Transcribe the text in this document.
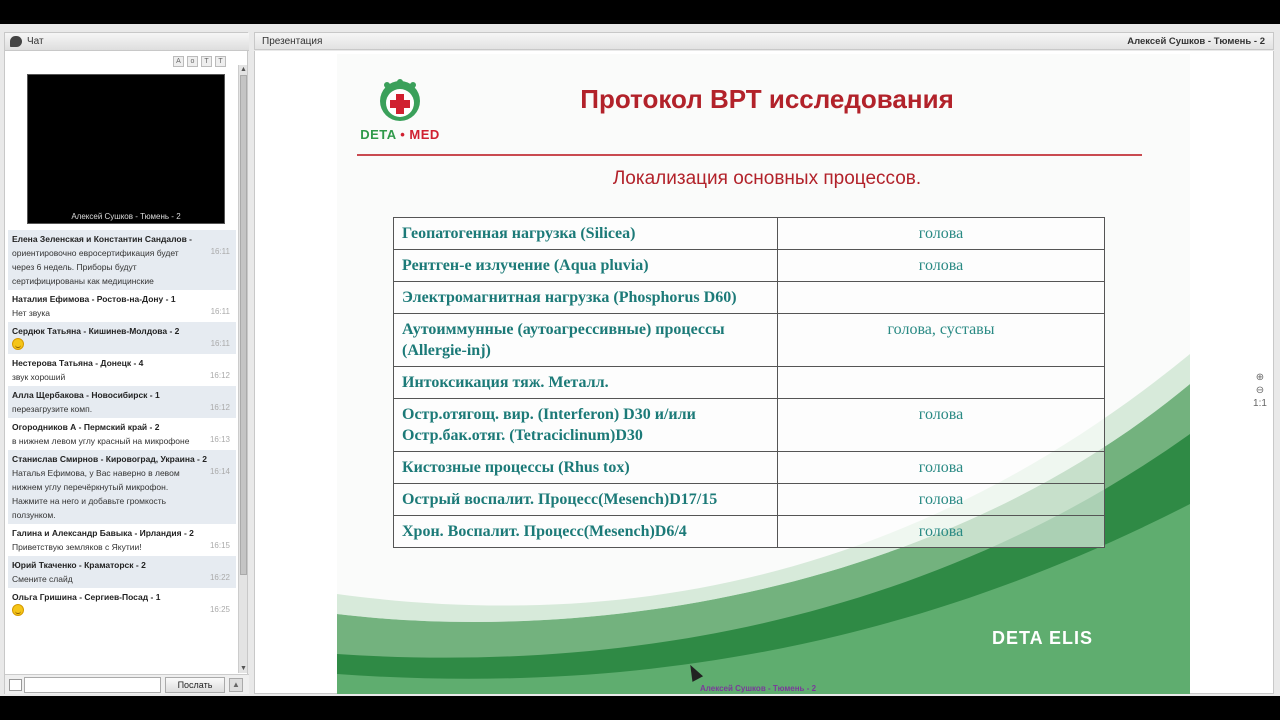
Чат
A	o	T	T
Алексей Сушков - Тюмень - 2
Елена Зеленская и Константин Сандалов -
ориентировочно евросертификация будет через 6 недель. Приборы будут сертифицированы как медицинские
16:11
Наталия Ефимова - Ростов-на-Дону - 1
Нет звука	16:11
Сердюк Татьяна - Кишинев-Молдова - 2
16:11
Нестерова Татьяна - Донецк - 4
звук хороший	16:12
Алла Щербакова - Новосибирск - 1
перезагрузите комп.	16:12
Огородников А - Пермский край - 2
в нижнем левом углу красный на микрофоне	16:13
Станислав Смирнов - Кировоград, Украина - 2
Наталья Ефимова, у Вас наверно в левом нижнем углу перечёркнутый микрофон. Нажмите на него и добавьте громкость ползунком.
16:14
Галина и Александр Бавыка - Ирландия - 2
Приветствую земляков с Якутии!	16:15
Юрий Ткаченко - Краматорск - 2
Смените слайд	16:22
Ольга Гришина - Сергиев-Посад - 1
16:25
▲
▼
Послать	▲
Презентация	Алексей Сушков - Тюмень - 2
DETA • MED
Протокол ВРТ исследования
Локализация основных процессов.
Геопатогенная нагрузка (Silicea)	голова
Рентген-е излучение (Aqua pluvia)	голова
Электромагнитная нагрузка (Phosphorus D60)	
Аутоиммунные (аутоагрессивные) процессы (Allergie-inj)	голова, суставы
Интоксикация тяж. Металл.	
Остр.отягощ. вир. (Interferon) D30 и/или Остр.бак.отяг. (Tetraciclinum)D30	голова
Кистозные процессы (Rhus tox)	голова
Острый воспалит. Процесс(Mesench)D17/15	голова
Хрон. Воспалит. Процесс(Mesench)D6/4	голова
DETA ELIS
⊕
⊖
1:1
Алексей Сушков - Тюмень - 2
